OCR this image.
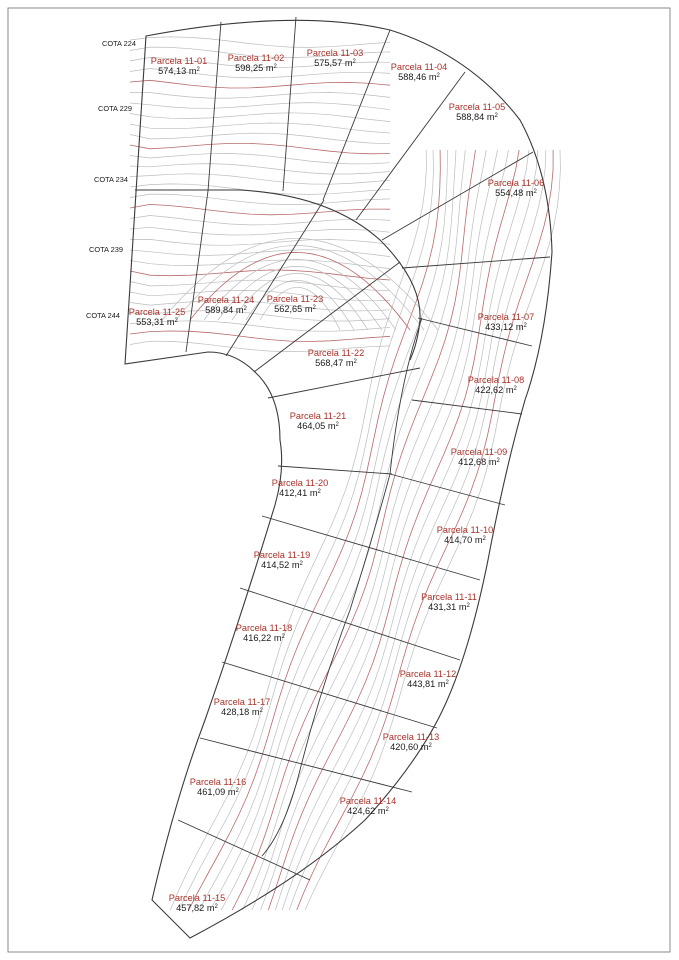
COTA 224
COTA 229
COTA 234
COTA 239
COTA 244
Parcela 11-01
574,13 $m^2$
Parcela 11-02
598,25 $m^2$
Parcela 11-03
575,57 $m^2$	Parcela 11-04
588,46 $m^2$
Parcela 11-05
588,84 $m^2$
Parcela 11-06
554,48 $m^2$
Parcela 11-07
433,12 $m^2$
Parcela 11-08
422,62 $m^2$
Parcela 11-09
412,68 $m^2$
Parcela 11-10
414,70 $m^2$
Parcela 11-11
431,31 $m^2$
Parcela 11-12
443,81 $m^2$
Parcela 11-13
420,60 $m^2$
Parcela 11-14
424,62 $m^2$
Parcela 11-15
457,82 $m^2$
Parcela 11-16
461,09 $m^2$
Parcela 11-17
428,18 $m^2$
Parcela 11-18
416,22 $m^2$
Parcela 11-19
414,52 $m^2$
Parcela 11-20
412,41 $m^2$
Parcela 11-21
464,05 $m^2$
Parcela 11-22
568,47 $m^2$
Parcela 11-23
562,65 $m^2$
Parcela 11-24
589,84 $m^2$
Parcela 11-25
553,31 $m^2$
